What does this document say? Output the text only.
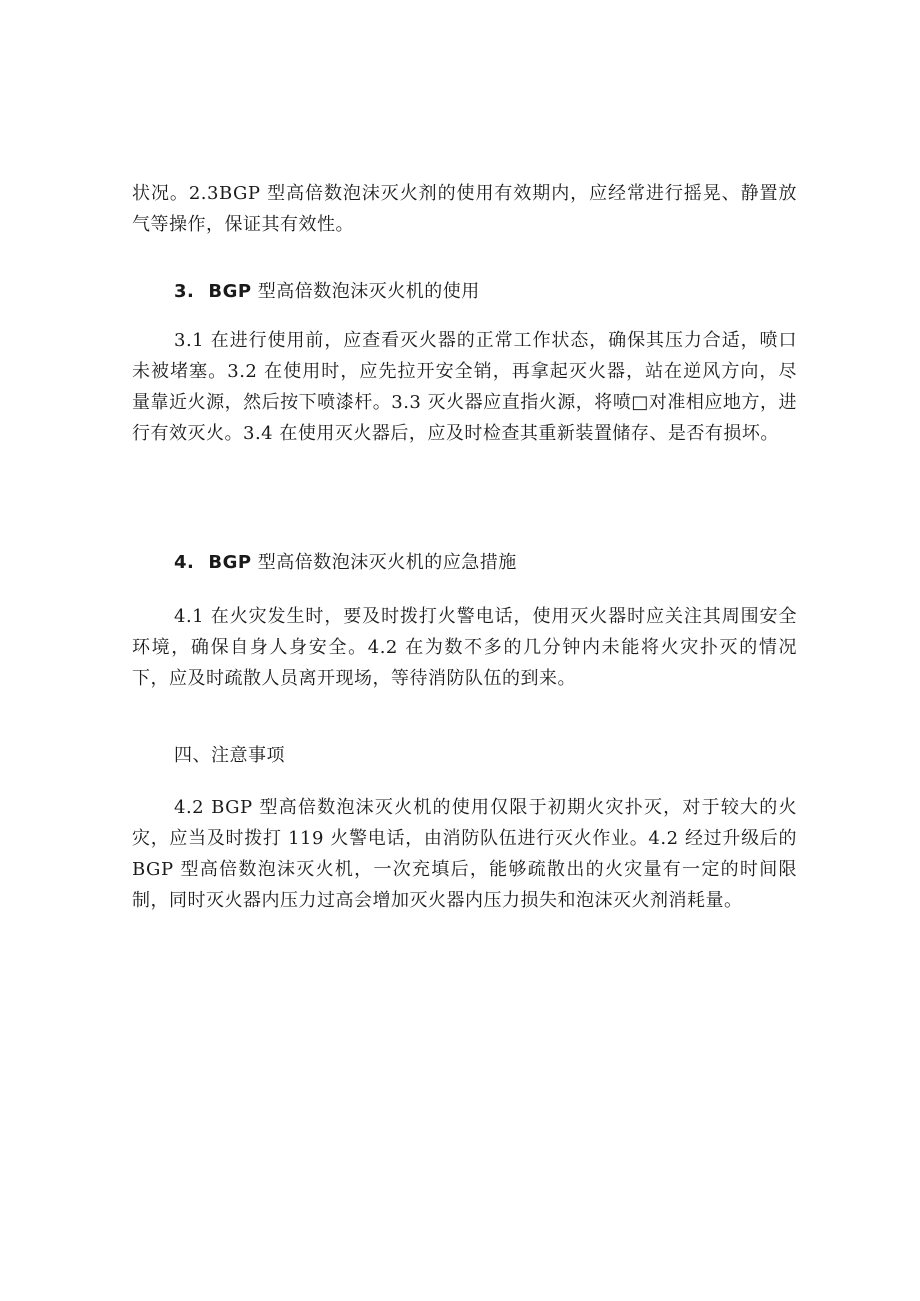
状况。2.3BGP 型高倍数泡沫灭火剂的使用有效期内，应经常进行摇晃、静置放气等操作，保证其有效性。

3. BGP 型高倍数泡沫灭火机的使用

3.1 在进行使用前，应查看灭火器的正常工作状态，确保其压力合适，喷口未被堵塞。3.2 在使用时，应先拉开安全销，再拿起灭火器，站在逆风方向，尽量靠近火源，然后按下喷漆杆。3.3 灭火器应直指火源，将喷□对准相应地方，进行有效灭火。3.4 在使用灭火器后，应及时检查其重新装置储存、是否有损坏。

4. BGP 型高倍数泡沫灭火机的应急措施

4.1 在火灾发生时，要及时拨打火警电话，使用灭火器时应关注其周围安全环境，确保自身人身安全。4.2 在为数不多的几分钟内未能将火灾扑灭的情况下，应及时疏散人员离开现场，等待消防队伍的到来。

四、注意事项

4.2 BGP 型高倍数泡沫灭火机的使用仅限于初期火灾扑灭，对于较大的火灾，应当及时拨打 119 火警电话，由消防队伍进行灭火作业。4.2 经过升级后的 BGP 型高倍数泡沫灭火机，一次充填后，能够疏散出的火灾量有一定的时间限制，同时灭火器内压力过高会增加灭火器内压力损失和泡沫灭火剂消耗量。
